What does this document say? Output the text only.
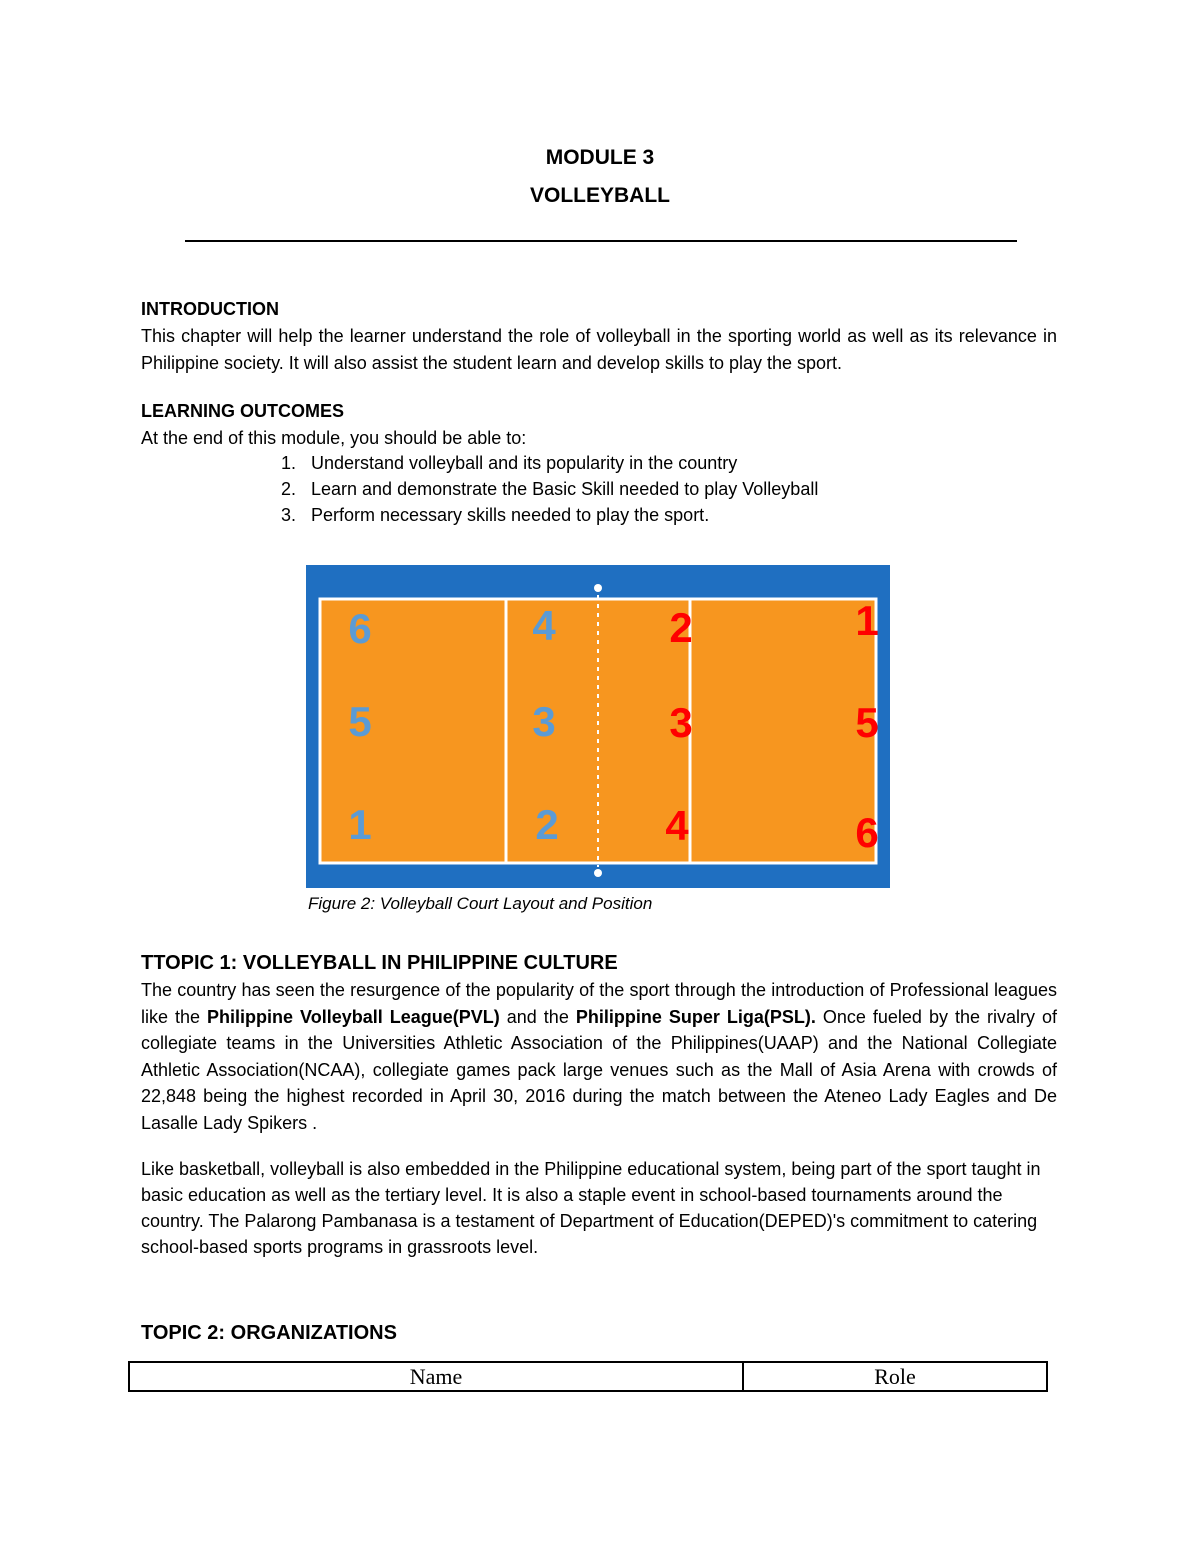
MODULE 3
VOLLEYBALL
INTRODUCTION
This chapter will help the learner understand the role of volleyball in the sporting world as well as its relevance in Philippine society. It will also assist the student learn and develop skills to play the sport.
LEARNING OUTCOMES
At the end of this module, you should be able to:
1. Understand volleyball and its popularity in the country
2. Learn and demonstrate the Basic Skill needed to play Volleyball
3. Perform necessary skills needed to play the sport.
6	4
5	3
1	2
2	1
3	5
4	6
Figure 2: Volleyball Court Layout and Position
TTOPIC 1: VOLLEYBALL IN PHILIPPINE CULTURE
The country has seen the resurgence of the popularity of the sport through the introduction of Professional leagues like the Philippine Volleyball League(PVL) and the Philippine Super Liga(PSL). Once fueled by the rivalry of collegiate teams in the Universities Athletic Association of the Philippines(UAAP) and the National Collegiate Athletic Association(NCAA), collegiate games pack large venues such as the Mall of Asia Arena with crowds of 22,848 being the highest recorded in April 30, 2016 during the match between the Ateneo Lady Eagles and De Lasalle Lady Spikers .
Like basketball, volleyball is also embedded in the Philippine educational system, being part of the sport taught in basic education as well as the tertiary level. It is also a staple event in school-based tournaments around the country. The Palarong Pambanasa is a testament of Department of Education(DEPED)'s commitment to catering school-based sports programs in grassroots level.
TOPIC 2: ORGANIZATIONS
Name	Role
